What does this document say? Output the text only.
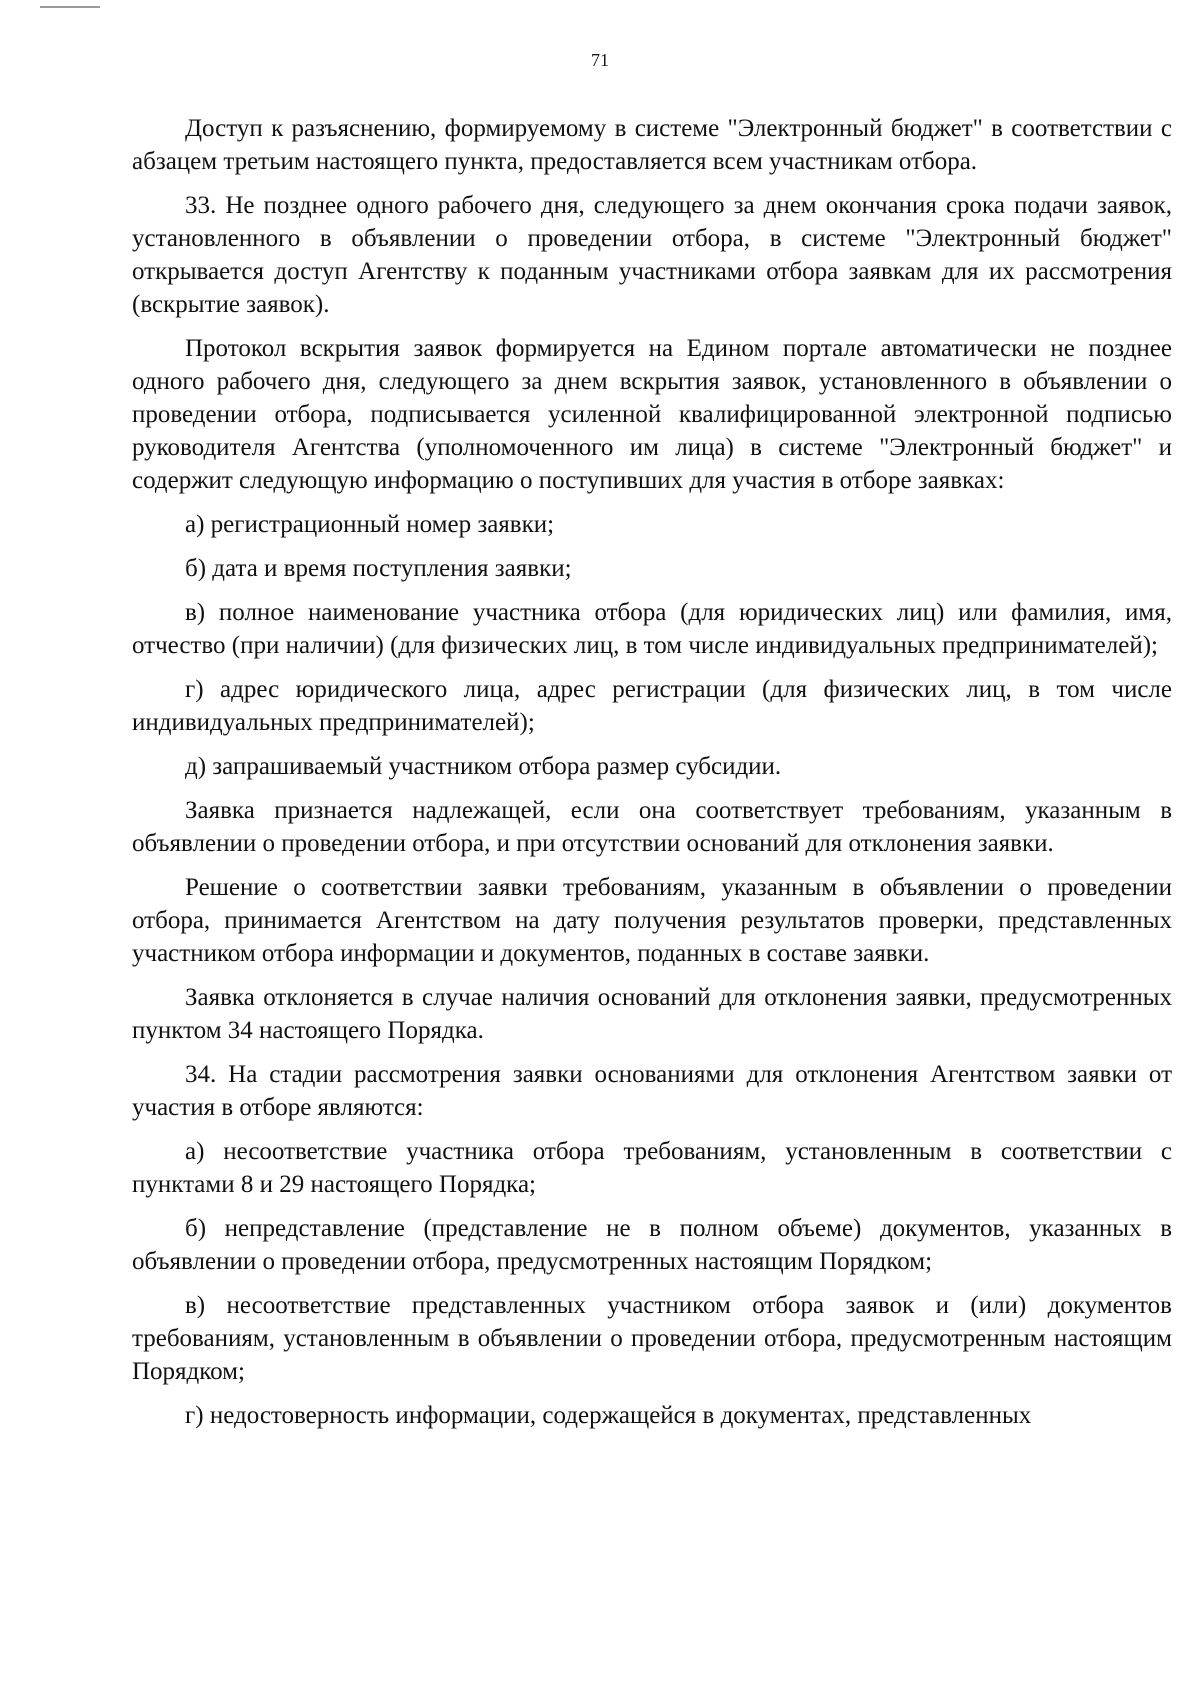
71

Доступ к разъяснению, формируемому в системе "Электронный бюджет" в соответствии с абзацем третьим настоящего пункта, предоставляется всем участникам отбора.

33. Не позднее одного рабочего дня, следующего за днем окончания срока подачи заявок, установленного в объявлении о проведении отбора, в системе "Электронный бюджет" открывается доступ Агентству к поданным участниками отбора заявкам для их рассмотрения (вскрытие заявок).

Протокол вскрытия заявок формируется на Едином портале автоматически не позднее одного рабочего дня, следующего за днем вскрытия заявок, установленного в объявлении о проведении отбора, подписывается усиленной квалифицированной электронной подписью руководителя Агентства (уполномоченного им лица) в системе "Электронный бюджет" и содержит следующую информацию о поступивших для участия в отборе заявках:

а) регистрационный номер заявки;

б) дата и время поступления заявки;

в) полное наименование участника отбора (для юридических лиц) или фамилия, имя, отчество (при наличии) (для физических лиц, в том числе индивидуальных предпринимателей);

г) адрес юридического лица, адрес регистрации (для физических лиц, в том числе индивидуальных предпринимателей);

д) запрашиваемый участником отбора размер субсидии.

Заявка признается надлежащей, если она соответствует требованиям, указанным в объявлении о проведении отбора, и при отсутствии оснований для отклонения заявки.

Решение о соответствии заявки требованиям, указанным в объявлении о проведении отбора, принимается Агентством на дату получения результатов проверки, представленных участником отбора информации и документов, поданных в составе заявки.

Заявка отклоняется в случае наличия оснований для отклонения заявки, предусмотренных пунктом 34 настоящего Порядка.

34. На стадии рассмотрения заявки основаниями для отклонения Агентством заявки от участия в отборе являются:

а) несоответствие участника отбора требованиям, установленным в соответствии с пунктами 8 и 29 настоящего Порядка;

б) непредставление (представление не в полном объеме) документов, указанных в объявлении о проведении отбора, предусмотренных настоящим Порядком;

в) несоответствие представленных участником отбора заявок и (или) документов требованиям, установленным в объявлении о проведении отбора, предусмотренным настоящим Порядком;

г) недостоверность информации, содержащейся в документах, представленных
